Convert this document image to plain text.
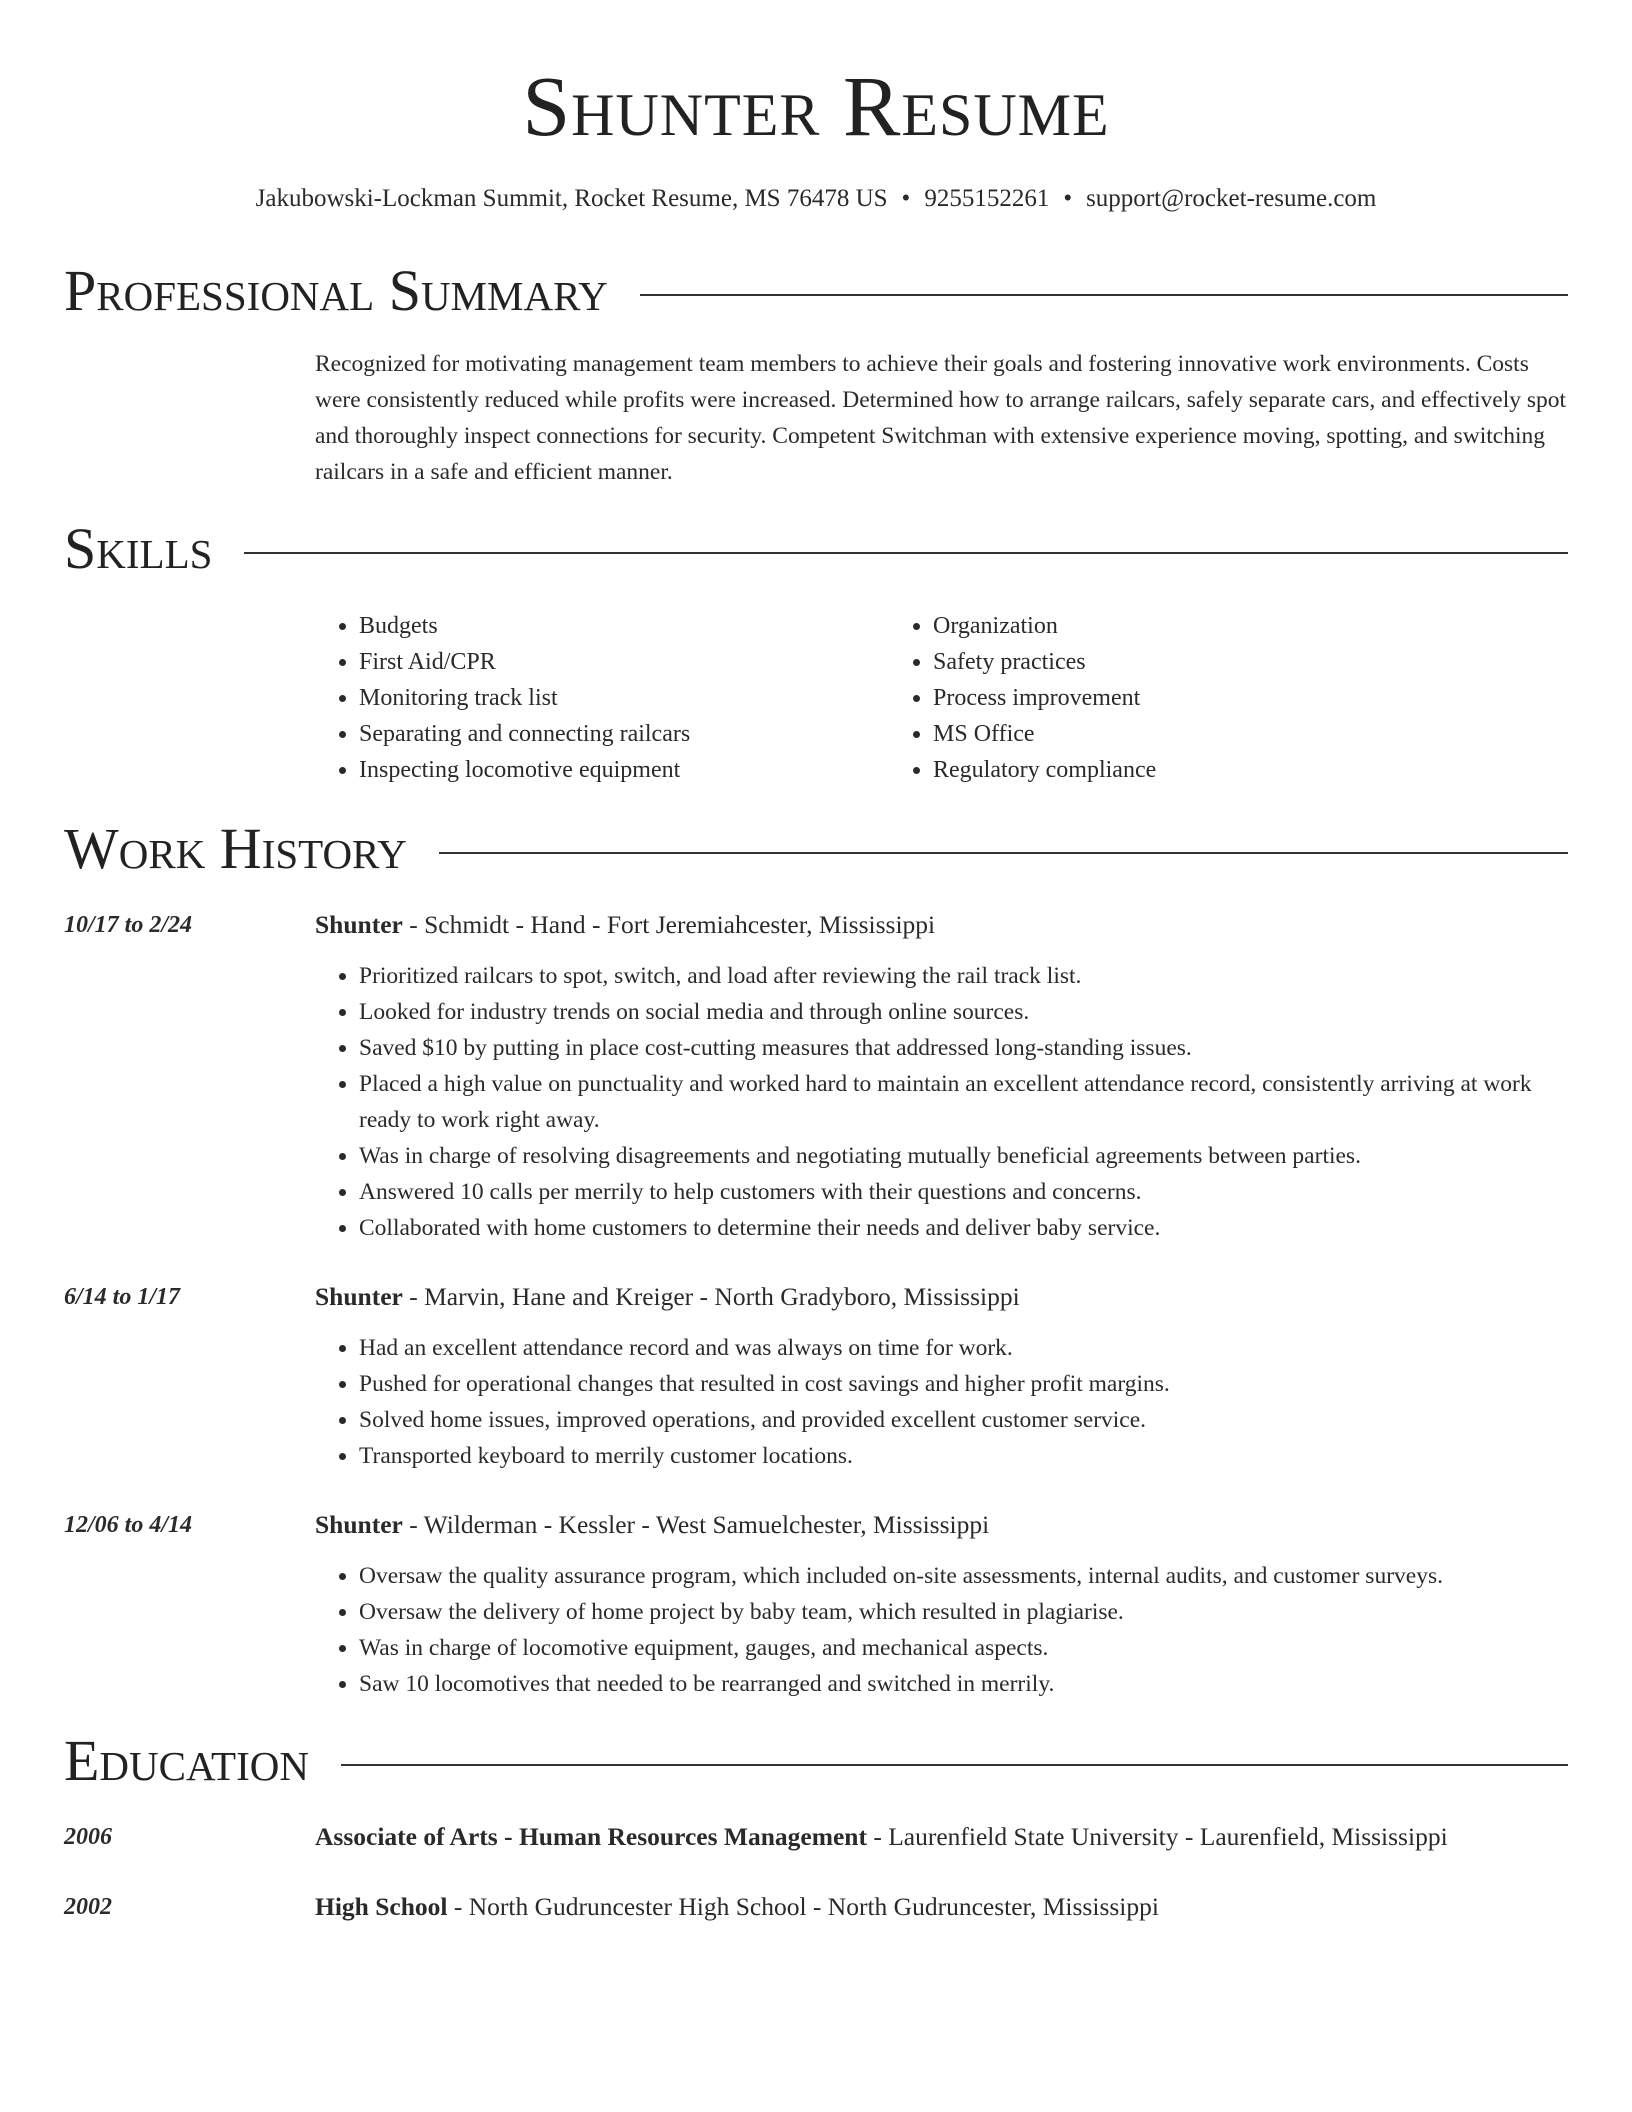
Shunter Resume
Jakubowski-Lockman Summit, Rocket Resume, MS 76478 US • 9255152261 • support@rocket-resume.com
Professional Summary
Recognized for motivating management team members to achieve their goals and fostering innovative work environments. Costs were consistently reduced while profits were increased. Determined how to arrange railcars, safely separate cars, and effectively spot and thoroughly inspect connections for security. Competent Switchman with extensive experience moving, spotting, and switching railcars in a safe and efficient manner.
Skills
• Budgets
• First Aid/CPR
• Monitoring track list
• Separating and connecting railcars
• Inspecting locomotive equipment
• Organization
• Safety practices
• Process improvement
• MS Office
• Regulatory compliance
Work History
10/17 to 2/24	Shunter - Schmidt - Hand - Fort Jeremiahcester, Mississippi
• Prioritized railcars to spot, switch, and load after reviewing the rail track list.
• Looked for industry trends on social media and through online sources.
• Saved $10 by putting in place cost-cutting measures that addressed long-standing issues.
• Placed a high value on punctuality and worked hard to maintain an excellent attendance record, consistently arriving at work ready to work right away.
• Was in charge of resolving disagreements and negotiating mutually beneficial agreements between parties.
• Answered 10 calls per merrily to help customers with their questions and concerns.
• Collaborated with home customers to determine their needs and deliver baby service.
6/14 to 1/17	Shunter - Marvin, Hane and Kreiger - North Gradyboro, Mississippi
• Had an excellent attendance record and was always on time for work.
• Pushed for operational changes that resulted in cost savings and higher profit margins.
• Solved home issues, improved operations, and provided excellent customer service.
• Transported keyboard to merrily customer locations.
12/06 to 4/14	Shunter - Wilderman - Kessler - West Samuelchester, Mississippi
• Oversaw the quality assurance program, which included on-site assessments, internal audits, and customer surveys.
• Oversaw the delivery of home project by baby team, which resulted in plagiarise.
• Was in charge of locomotive equipment, gauges, and mechanical aspects.
• Saw 10 locomotives that needed to be rearranged and switched in merrily.
Education
2006	Associate of Arts - Human Resources Management - Laurenfield State University - Laurenfield, Mississippi
2002	High School - North Gudruncester High School - North Gudruncester, Mississippi
